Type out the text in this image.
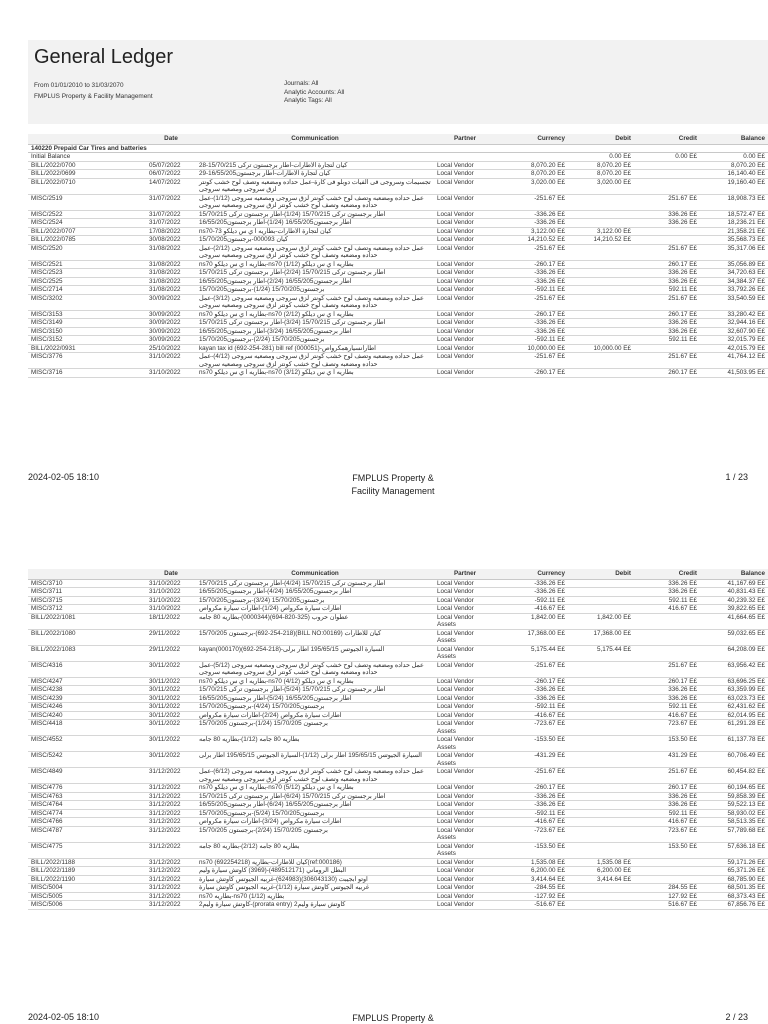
General Ledger
From 01/01/2010 to 31/03/2070
FMPLUS Property & Facility Management
Journals: All
Analytic Accounts: All
Analytic Tags: All
	Date	Communication	Partner	Currency	Debit	Credit	Balance
140220 Prepaid Car Tires and batteries							
Initial Balance					0.00 E£	0.00 E£	0.00 E£
BILL/2022/0700	05/07/2022	كيان لتجارة الاطارات-اطار برجستون تركى 15/70/215-28	Local Vendor	8,070.20 E£	8,070.20 E£		8,070.20 E£
BILL/2022/0699	06/07/2022	كيان لتجارة الاطارات-اطار برجستون16/55/205-29	Local Vendor	8,070.20 E£	8,070.20 E£		16,140.40 E£
BILL/2022/0710	14/07/2022	تجسيمات وسروجى فى الفيات دوبلو فى كارة-عمل حداده ومضعبه وتصف لوح خشب كونتر لزق سروجى ومصعيه سروجى	Local Vendor	3,020.00 E£	3,020.00 E£		19,160.40 E£
MISC/2519	31/07/2022	عمل حداده ومضعبه وتصف لوح خشب كونتر لزق سروجى ومصعيه سروجى (1/12)-عمل حداده ومضعبه وتصف لوح خشب كونتر لزق سروجى ومصعيه سروجى	Local Vendor	-251.67 E£		251.67 E£	18,908.73 E£
MISC/2522	31/07/2022	اطار برجستون تركى 15/70/215 (1/24)-اطار برجستون تركى 15/70/215	Local Vendor	-336.26 E£		336.26 E£	18,572.47 E£
MISC/2524	31/07/2022	اطار برجستون16/55/205 (1/24)-اطار برجستون16/55/205	Local Vendor	-336.26 E£		336.26 E£	18,236.21 E£
BILL/2022/0707	17/08/2022	كيان لتجارة الاطارات-بطاريه ا ي س ديلكو ns70-73	Local Vendor	3,122.00 E£	3,122.00 E£		21,358.21 E£
BILL/2022/0785	30/08/2022	كيان 000093-برجستون15/70/205	Local Vendor	14,210.52 E£	14,210.52 E£		35,568.73 E£
MISC/2520	31/08/2022	عمل حداده ومضعبه وتصف لوح خشب كونتر لزق سروجى ومصعيه سروجى (2/12)-عمل حداده ومضعبه وتصف لوح خشب كونتر لزق سروجى ومصعيه سروجى	Local Vendor	-251.67 E£		251.67 E£	35,317.06 E£
MISC/2521	31/08/2022	بطاريه ا ي س ديلكو ns70 (1/12)-بطاريه ا ي س ديلكو ns70	Local Vendor	-260.17 E£		260.17 E£	35,056.89 E£
MISC/2523	31/08/2022	اطار برجستون تركى 15/70/215 (2/24)-اطار برجستون تركى 15/70/215	Local Vendor	-336.26 E£		336.26 E£	34,720.63 E£
MISC/2525	31/08/2022	اطار برجستون16/55/205 (2/24)-اطار برجستون16/55/205	Local Vendor	-336.26 E£		336.26 E£	34,384.37 E£
MISC/2714	31/08/2022	برجستون15/70/205 (1/24)-برجستون15/70/205	Local Vendor	-592.11 E£		592.11 E£	33,792.26 E£
MISC/3202	30/09/2022	عمل حداده ومضعبه وتصف لوح خشب كونتر لزق سروجى ومصعيه سروجى (3/12)-عمل حداده ومضعبه وتصف لوح خشب كونتر لزق سروجى ومصعيه سروجى	Local Vendor	-251.67 E£		251.67 E£	33,540.59 E£
MISC/3153	30/09/2022	بطاريه ا ي س ديلكو ns70 (2/12)-بطاريه ا ي س ديلكو ns70	Local Vendor	-260.17 E£		260.17 E£	33,280.42 E£
MISC/3149	30/09/2022	اطار برجستون تركى 15/70/215 (3/24)-اطار برجستون تركى 15/70/215	Local Vendor	-336.26 E£		336.26 E£	32,944.16 E£
MISC/3150	30/09/2022	اطار برجستون16/55/205 (3/24)-اطار برجستون16/55/205	Local Vendor	-336.26 E£		336.26 E£	32,607.90 E£
MISC/3152	30/09/2022	برجستون15/70/205 (2/24)-برجستون15/70/205	Local Vendor	-592.11 E£		592.11 E£	32,015.79 E£
BILL/2022/0931	25/10/2022	kayan tax id (692-254-281) bill ref (000051)-اطارانسيارهمكرواص	Local Vendor	10,000.00 E£	10,000.00 E£		42,015.79 E£
MISC/3776	31/10/2022	عمل حداده ومضعبه وتصف لوح خشب كونتر لزق سروجى ومصعيه سروجى (4/12)-عمل حداده ومضعبه وتصف لوح خشب كونتر لزق سروجى ومصعيه سروجى	Local Vendor	-251.67 E£		251.67 E£	41,764.12 E£
MISC/3716	31/10/2022	بطاريه ا ي س ديلكو ns70 (3/12)-بطاريه ا ي س ديلكو ns70	Local Vendor	-260.17 E£		260.17 E£	41,503.95 E£
2024-02-05 18:10	FMPLUS Property & Facility Management
1 / 23
	Date	Communication	Partner	Currency	Debit	Credit	Balance
MISC/3710	31/10/2022	اطار برجستون تركى 15/70/215 (4/24)-اطار برجستون تركى 15/70/215	Local Vendor	-336.26 E£		336.26 E£	41,167.69 E£
MISC/3711	31/10/2022	اطار برجستون16/55/205 (4/24)-اطار برجستون16/55/205	Local Vendor	-336.26 E£		336.26 E£	40,831.43 E£
MISC/3715	31/10/2022	برجستون15/70/205 (3/24)-برجستون15/70/205	Local Vendor	-592.11 E£		592.11 E£	40,239.32 E£
MISC/3712	31/10/2022	اطارات سيارة مكرواص (1/24)-اطارات سيارة مكرواص	Local Vendor	-416.67 E£		416.67 E£	39,822.65 E£
BILL/2022/1081	18/11/2022	عطوان حروب (325-820-694)(0000344)-بطاريه 80 جامه	Local Vendor Assets	1,842.00 E£	1,842.00 E£		41,664.65 E£
BILL/2022/1080	29/11/2022	كيان للاطارات (BILL NO:00169)(692-254-218)-برجستون 15/70/205	Local Vendor Assets	17,368.00 E£	17,368.00 E£		59,032.65 E£
BILL/2022/1083	29/11/2022	kayan(000170)(692-254-218)-السيارة الجيوتس 195/65/15 اطار برلى	Local Vendor Assets	5,175.44 E£	5,175.44 E£		64,208.09 E£
MISC/4316	30/11/2022	عمل حداده ومضعبه وتصف لوح خشب كونتر لزق سروجى ومصعيه سروجى (5/12)-عمل حداده ومضعبه وتصف لوح خشب كونتر لزق سروجى ومصعيه سروجى	Local Vendor	-251.67 E£		251.67 E£	63,956.42 E£
MISC/4247	30/11/2022	بطاريه ا ي س ديلكو ns70 (4/12)-بطاريه ا ي س ديلكو ns70	Local Vendor	-260.17 E£		260.17 E£	63,696.25 E£
MISC/4238	30/11/2022	اطار برجستون تركى 15/70/215 (5/24)-اطار برجستون تركى 15/70/215	Local Vendor	-336.26 E£		336.26 E£	63,359.99 E£
MISC/4239	30/11/2022	اطار برجستون16/55/205 (5/24)-اطار برجستون16/55/205	Local Vendor	-336.26 E£		336.26 E£	63,023.73 E£
MISC/4246	30/11/2022	برجستون15/70/205 (4/24)-برجستون15/70/205	Local Vendor	-592.11 E£		592.11 E£	62,431.62 E£
MISC/4240	30/11/2022	اطارات سيارة مكرواص (2/24)-اطارات سيارة مكرواص	Local Vendor	-416.67 E£		416.67 E£	62,014.95 E£
MISC/4418	30/11/2022	برجستون 15/70/205 (1/24)-برجستون 15/70/205	Local Vendor Assets	-723.67 E£		723.67 E£	61,291.28 E£
MISC/4552	30/11/2022	بطاريه 80 جامه (1/12)-بطاريه 80 جامه	Local Vendor Assets	-153.50 E£		153.50 E£	61,137.78 E£
MISC/5242	30/11/2022	السيارة الجيوتس 195/65/15 اطار برلى (1/12)-السيارة الجيوتس 195/65/15 اطار برلى	Local Vendor Assets	-431.29 E£		431.29 E£	60,706.49 E£
MISC/4849	31/12/2022	عمل حداده ومضعبه وتصف لوح خشب كونتر لزق سروجى ومصعيه سروجى (6/12)-عمل حداده ومضعبه وتصف لوح خشب كونتر لزق سروجى ومصعيه سروجى	Local Vendor	-251.67 E£		251.67 E£	60,454.82 E£
MISC/4776	31/12/2022	بطاريه ا ي س ديلكو ns70 (5/12)-بطاريه ا ي س ديلكو ns70	Local Vendor	-260.17 E£		260.17 E£	60,194.65 E£
MISC/4763	31/12/2022	اطار برجستون تركى 15/70/215 (6/24)-اطار برجستون تركى 15/70/215	Local Vendor	-336.26 E£		336.26 E£	59,858.39 E£
MISC/4764	31/12/2022	اطار برجستون16/55/205 (6/24)-اطار برجستون16/55/205	Local Vendor	-336.26 E£		336.26 E£	59,522.13 E£
MISC/4774	31/12/2022	برجستون15/70/205 (5/24)-برجستون15/70/205	Local Vendor	-592.11 E£		592.11 E£	58,930.02 E£
MISC/4766	31/12/2022	اطارات سيارة مكرواص (3/24)-اطارات سيارة مكرواص	Local Vendor	-416.67 E£		416.67 E£	58,513.35 E£
MISC/4787	31/12/2022	برجستون 15/70/205 (2/24)-برجستون 15/70/205	Local Vendor Assets	-723.67 E£		723.67 E£	57,789.68 E£
MISC/4775	31/12/2022	بطاريه 80 جامه (2/12)-بطاريه 80 جامه	Local Vendor Assets	-153.50 E£		153.50 E£	57,636.18 E£
BILL/2022/1188	31/12/2022	ns70 كيان للاطارات-بطاريه (692254218)(ref:000186)	Local Vendor	1,535.08 E£	1,535.08 E£		59,171.26 E£
BILL/2022/1189	31/12/2022	البطل الروماني (489512171)-(3969) كاوتش سيارة وليم	Local Vendor	6,200.00 E£	6,200.00 E£		65,371.26 E£
BILL/2022/1190	31/12/2022	اوتو ابجيبت (306043130)(624983)-غربيه الجيوتس كاوتش سيارة	Local Vendor	3,414.64 E£	3,414.64 E£		68,785.90 E£
MISC/5004	31/12/2022	غربيه الجيوتس كاوتش سيارة (1/12)-غربيه الجيوتس كاوتش سيارة	Local Vendor	-284.55 E£		284.55 E£	68,501.35 E£
MISC/5005	31/12/2022	بطاريه ns70 (1/12)-بطاريه ns70	Local Vendor	-127.92 E£		127.92 E£	68,373.43 E£
MISC/5006	31/12/2022	كاوتش سيارة وليم2 (prorata entry)-كاوتش سيارة وليم2	Local Vendor	-516.67 E£		516.67 E£	67,856.76 E£
2024-02-05 18:10	FMPLUS Property &	2 / 23
